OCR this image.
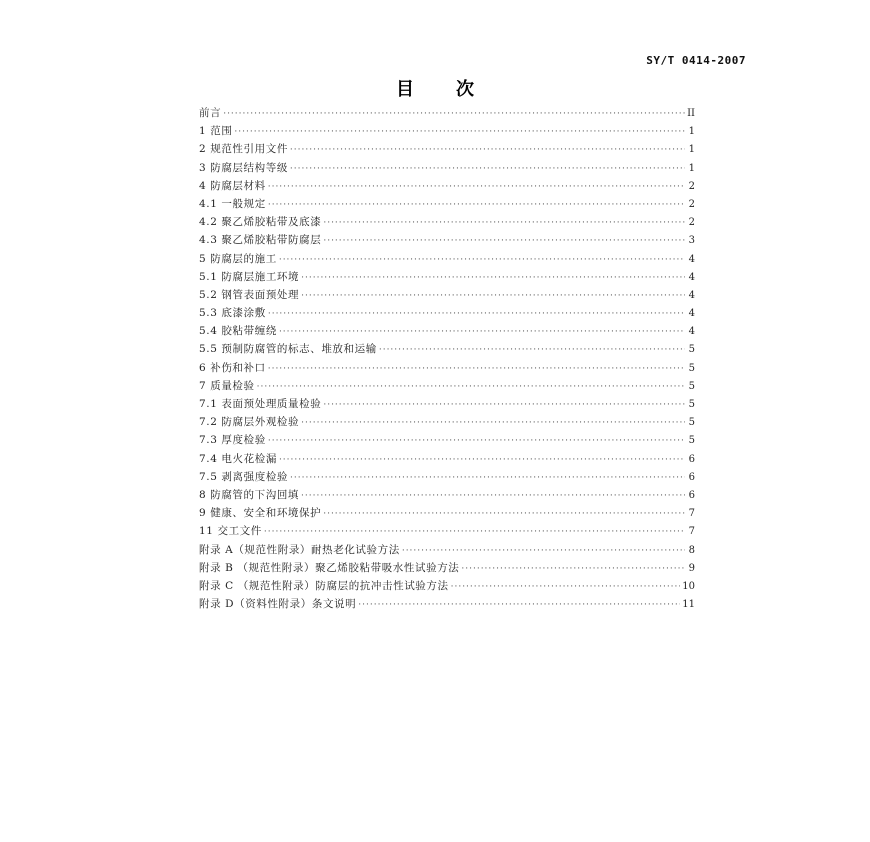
SY/T 0414-2007
目 次
前言 ·····	II
1 范围 ·····	1
2 规范性引用文件 ·····	1
3 防腐层结构等级 ·····	1
4 防腐层材料 ·····	2
4.1 一般规定 ·····	2
4.2 聚乙烯胶粘带及底漆 ·····	2
4.3 聚乙烯胶粘带防腐层 ·····	3
5 防腐层的施工 ·····	4
5.1 防腐层施工环境 ·····	4
5.2 钢管表面预处理 ·····	4
5.3 底漆涂敷 ·····	4
5.4 胶粘带缠绕 ·····	4
5.5 预制防腐管的标志、堆放和运输 ·····	5
6 补伤和补口 ·····	5
7 质量检验 ·····	5
7.1 表面预处理质量检验 ·····	5
7.2 防腐层外观检验 ·····	5
7.3 厚度检验 ·····	5
7.4 电火花检漏 ·····	6
7.5 剥离强度检验 ·····	6
8 防腐管的下沟回填 ·····	6
9 健康、安全和环境保护 ·····	7
11 交工文件 ·····	7
附录 A（规范性附录）耐热老化试验方法 ·····	8
附录 B （规范性附录）聚乙烯胶粘带吸水性试验方法 ·····	9
附录 C （规范性附录）防腐层的抗冲击性试验方法 ·····	10
附录 D（资料性附录）条文说明 ·····	11
